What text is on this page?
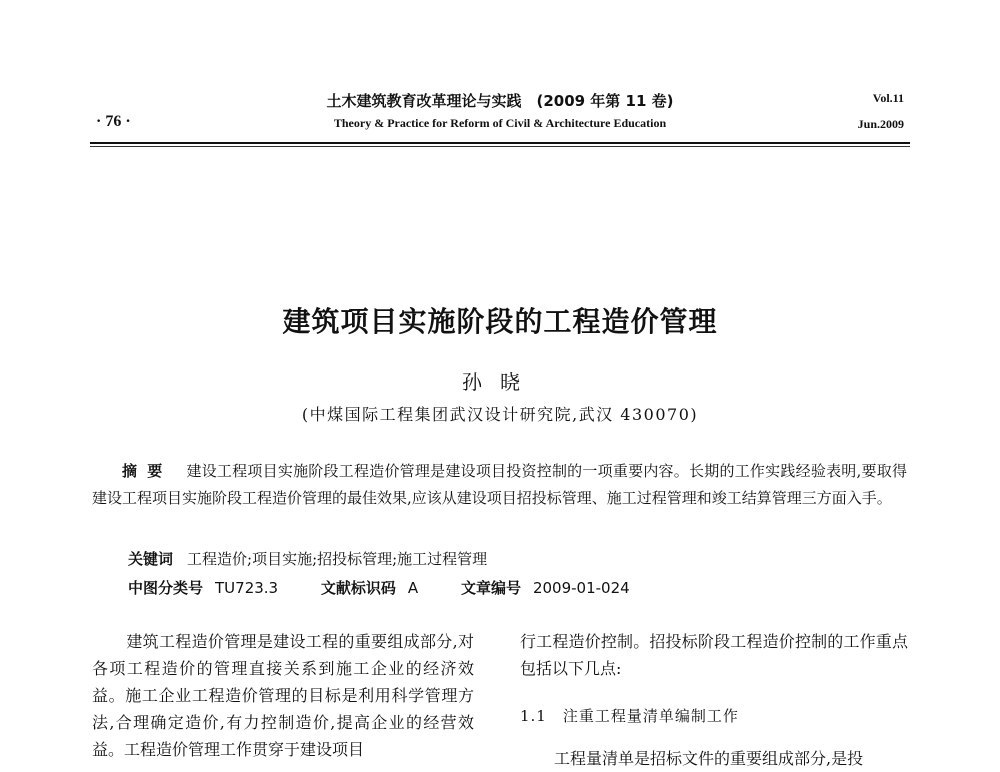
土木建筑教育改革理论与实践　(2009 年第 11 卷)
Theory & Practice for Reform of Civil & Architecture Education
· 76 ·
Vol.11
Jun.2009
建筑项目实施阶段的工程造价管理
孙晓
(中煤国际工程集团武汉设计研究院,武汉 430070)
摘要 建设工程项目实施阶段工程造价管理是建设项目投资控制的一项重要内容。长期的工作实践经验表明,要取得建设工程项目实施阶段工程造价管理的最佳效果,应该从建设项目招投标管理、施工过程管理和竣工结算管理三方面入手。
关键词 工程造价;项目实施;招投标管理;施工过程管理
中图分类号 TU723.3	文献标识码 A	文章编号 2009-01-024
建筑工程造价管理是建设工程的重要组成部分,对各项工程造价的管理直接关系到施工企业的经济效益。施工企业工程造价管理的目标是利用科学管理方法,合理确定造价,有力控制造价,提高企业的经营效益。工程造价管理工作贯穿于建设项目
行工程造价控制。招投标阶段工程造价控制的工作重点包括以下几点:
1.1　注重工程量清单编制工作
工程量清单是招标文件的重要组成部分,是投
